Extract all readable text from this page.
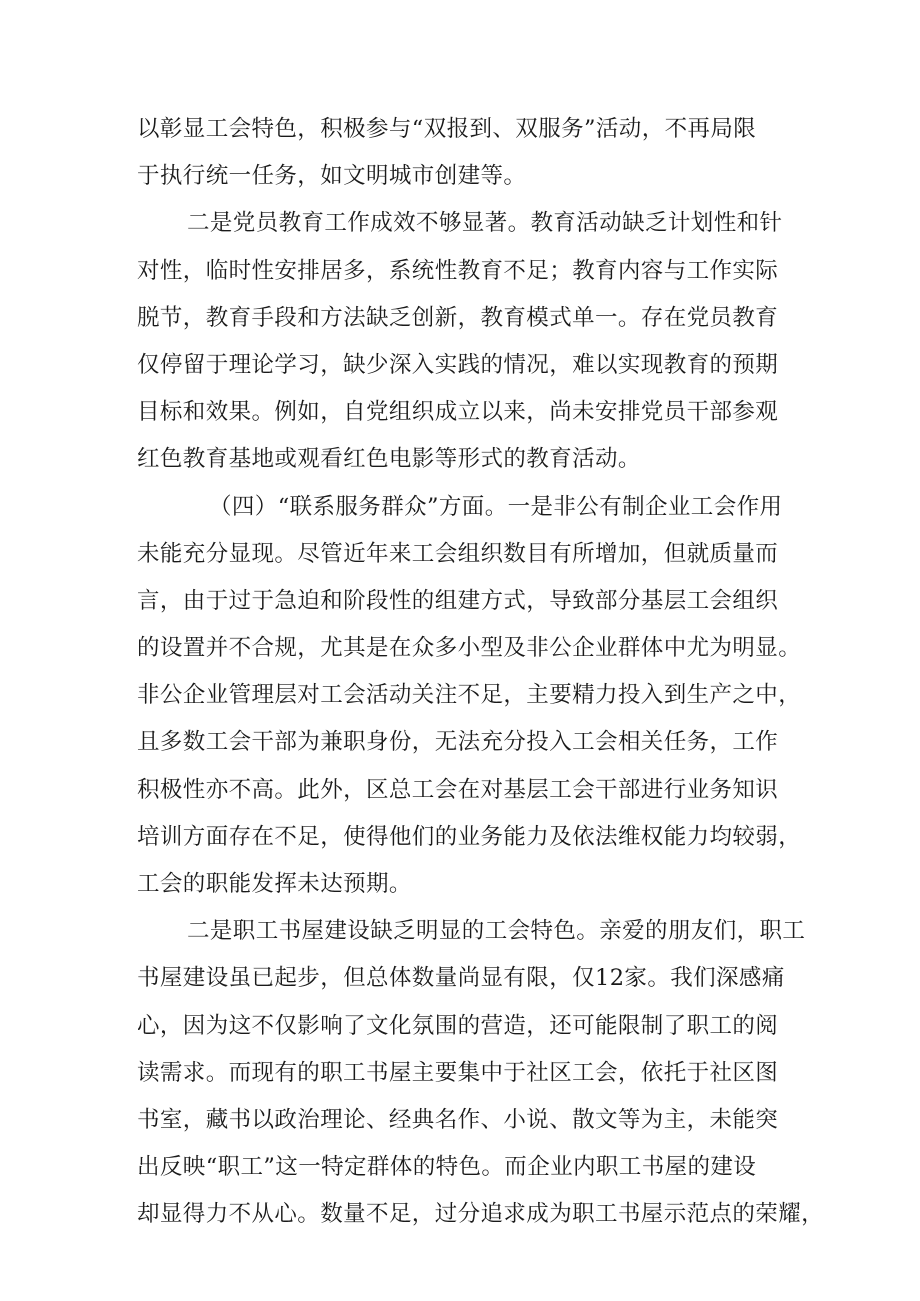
以彰显工会特色，积极参与“双报到、双服务”活动，不再局限
于执行统一任务，如文明城市创建等。
二是党员教育工作成效不够显著。教育活动缺乏计划性和针
对性，临时性安排居多，系统性教育不足；教育内容与工作实际
脱节，教育手段和方法缺乏创新，教育模式单一。存在党员教育
仅停留于理论学习，缺少深入实践的情况，难以实现教育的预期
目标和效果。例如，自党组织成立以来，尚未安排党员干部参观
红色教育基地或观看红色电影等形式的教育活动。
（四）“联系服务群众”方面。一是非公有制企业工会作用
未能充分显现。尽管近年来工会组织数目有所增加，但就质量而
言，由于过于急迫和阶段性的组建方式，导致部分基层工会组织
的设置并不合规，尤其是在众多小型及非公企业群体中尤为明显。
非公企业管理层对工会活动关注不足，主要精力投入到生产之中，
且多数工会干部为兼职身份，无法充分投入工会相关任务，工作
积极性亦不高。此外，区总工会在对基层工会干部进行业务知识
培训方面存在不足，使得他们的业务能力及依法维权能力均较弱，
工会的职能发挥未达预期。
二是职工书屋建设缺乏明显的工会特色。亲爱的朋友们，职工
书屋建设虽已起步，但总体数量尚显有限，仅12家。我们深感痛
心，因为这不仅影响了文化氛围的营造，还可能限制了职工的阅
读需求。而现有的职工书屋主要集中于社区工会，依托于社区图
书室，藏书以政治理论、经典名作、小说、散文等为主，未能突
出反映“职工”这一特定群体的特色。而企业内职工书屋的建设
却显得力不从心。数量不足，过分追求成为职工书屋示范点的荣耀，
